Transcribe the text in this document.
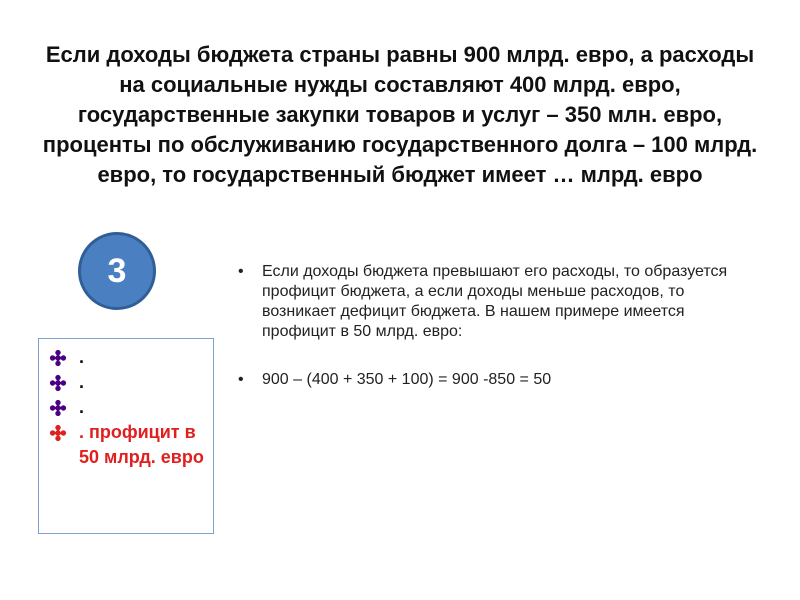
Если доходы бюджета страны равны 900 млрд. евро, а расходы на социальные нужды составляют 400 млрд. евро, государственные закупки товаров и услуг – 350 млн. евро, проценты по обслуживанию государственного долга – 100 млрд. евро, то государственный бюджет имеет … млрд. евро
3
.
.
.
. профицит в 50 млрд. евро
• Если доходы бюджета превышают его расходы, то образуется профицит бюджета, а если доходы меньше расходов, то возникает дефицит бюджета. В нашем примере имеется профицит в 50 млрд. евро:
• 900 – (400 + 350 + 100) = 900 -850 = 50
